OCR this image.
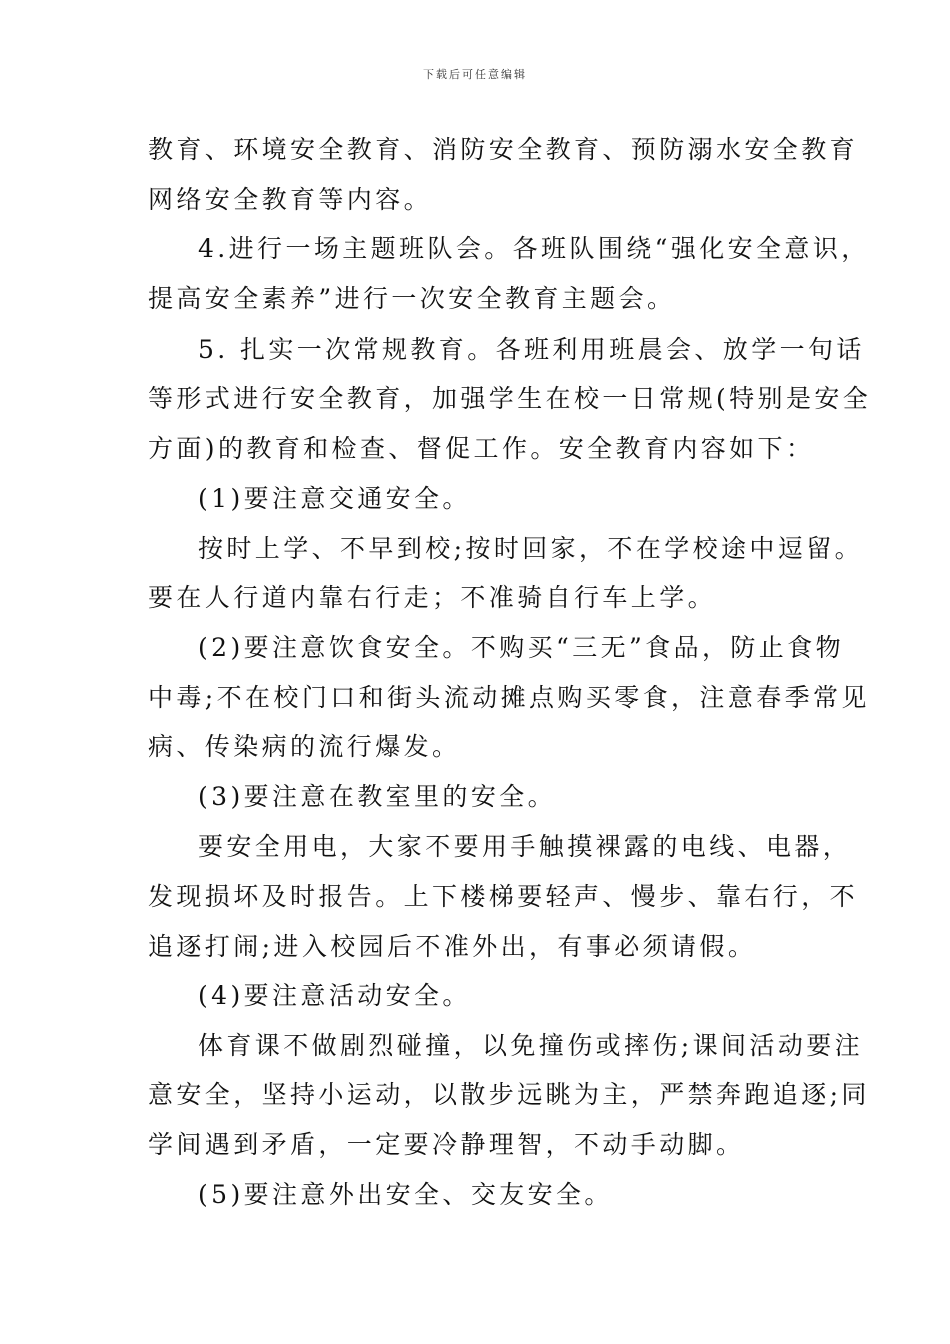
下载后可任意编辑
教育、环境安全教育、消防安全教育、预防溺水安全教育
网络安全教育等内容。
4.进行一场主题班队会。各班队围绕“强化安全意识，
提高安全素养”进行一次安全教育主题会。
5. 扎实一次常规教育。各班利用班晨会、放学一句话
等形式进行安全教育，加强学生在校一日常规(特别是安全
方面)的教育和检查、督促工作。安全教育内容如下：
(1)要注意交通安全。
按时上学、不早到校;按时回家，不在学校途中逗留。
要在人行道内靠右行走；不准骑自行车上学。
(2)要注意饮食安全。不购买“三无”食品，防止食物
中毒;不在校门口和街头流动摊点购买零食，注意春季常见
病、传染病的流行爆发。
(3)要注意在教室里的安全。
要安全用电，大家不要用手触摸裸露的电线、电器，
发现损坏及时报告。上下楼梯要轻声、慢步、靠右行，不
追逐打闹;进入校园后不准外出，有事必须请假。
(4)要注意活动安全。
体育课不做剧烈碰撞，以免撞伤或摔伤;课间活动要注
意安全，坚持小运动，以散步远眺为主，严禁奔跑追逐;同
学间遇到矛盾，一定要冷静理智，不动手动脚。
(5)要注意外出安全、交友安全。
